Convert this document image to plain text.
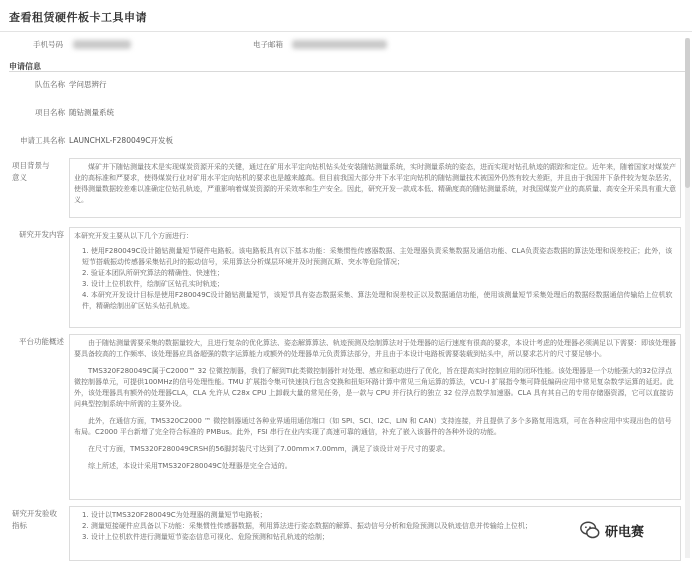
查看租赁硬件板卡工具申请
手机号码	电子邮箱
申请信息
队伍名称 学问思辨行
项目名称 随钻测量系统
申请工具名称 LAUNCHXL-F280049C开发板
项目背景与意义

煤矿井下随钻测量技术是实现煤炭资源开采的关键，通过在矿用水平定向钻机钻头处安装随钻测量系统，实时测量系统的姿态，进而实现对钻孔轨迹的跟踪和定位。近年来，随着国家对煤炭产业的高标准和严要求，使得煤炭行业对矿用水平定向钻机的要求也是越来越高。但目前我国大部分井下水平定向钻机的随钻测量技术被国外仍然有较大差距，并且由于我国井下条件较为复杂恶劣，使得测量数据较差难以准确定位钻孔轨迹，严重影响着煤炭资源的开采效率和生产安全。因此，研究开发一款成本低、精确度高的随钻测量系统，对我国煤炭产业的高质量、高安全开采具有重大意义。

研究开发内容 本研究开发主要从以下几个方面进行：
1. 使用F280049C设计随钻测量短节硬件电路板。该电路板具有以下基本功能：采集惯性传感器数据、主处理器负责采集数据及通信功能、CLA负责姿态数据的算法处理和误差校正；此外，该短节搭载振动传感器采集钻孔时的振动信号，采用算法分析煤层环境并及时预测瓦斯、突水等危险情况；
2. 验证本团队所研究算法的精确性、快速性；
3. 设计上位机软件，绘制矿区钻孔实时轨迹；
4. 本研究开发设计目标是使用F280049C设计随钻测量短节，该短节具有姿态数据采集、算法处理和误差校正以及数据通信功能，使用该测量短节采集处理后的数据经数据通信传输给上位机软件，精确绘制出矿区钻头钻孔轨迹。
平台功能概述	由于随钻测量需要采集的数据量较大，且进行复杂的优化算法、姿态解算算法、轨迹预测及绘制算法对于处理器的运行速度有很高的要求，本设计考虑的处理器必须满足以下需要：即该处理器要具备较高的工作频率、该处理器应具备超强的数字运算能力或额外的处理器单元负责算法部分，并且由于本设计电路板需要装载到钻头中，所以要求芯片的尺寸要足够小。

TMS320F280049C属于C2000™ 32 位微控制器，我们了解到TI此类微控制器针对处理、感应和驱动进行了优化，旨在提高实时控制应用的闭环性能。该处理器是一个功能强大的32位浮点微控制器单元，可提供100MHz的信号处理性能。TMU 扩展指令集可快速执行包含变换和扭矩环路计算中常见三角运算的算法，VCU-I 扩展指令集可降低编码应用中常见复杂数学运算的延迟。此外，该处理器具有额外的处理器CLA，CLA 允许从 C28x CPU 上卸载大量的常见任务，是一款与 CPU 并行执行的独立 32 位浮点数学加速器。CLA 具有其自己的专用存储器资源，它可以直接访问典型控制系统中所需的主要外设。

此外，在通信方面，TMS320C2000 ™ 微控制器通过各种业界通用通信端口（如 SPI、SCI、I2C、LIN 和 CAN）支持连接，并且提供了多个多路复用选项，可在各种应用中实现出色的信号布局。C2000 平台新增了完全符合标准的 PMBus。此外，FSI 串行在业内实现了高速可靠的通信，补充了嵌入该器件的各种外设的功能。

在尺寸方面，TMS320F280049CRSH的56脚封装尺寸达到了7.00mm×7.00mm，满足了该设计对于尺寸的要求。

综上所述，本设计采用TMS320F280049C处理器是完全合适的。

研究开发验收指标
1. 设计以TMS320F280049C为处理器的测量短节电路板；
2. 测量短接硬件应具备以下功能：采集惯性传感器数据，利用算法进行姿态数据的解算、振动信号分析和危险预测以及轨迹信息并传输给上位机；
3. 设计上位机软件进行测量短节姿态信息可视化、危险预测和钻孔轨迹的绘制；	研电赛
